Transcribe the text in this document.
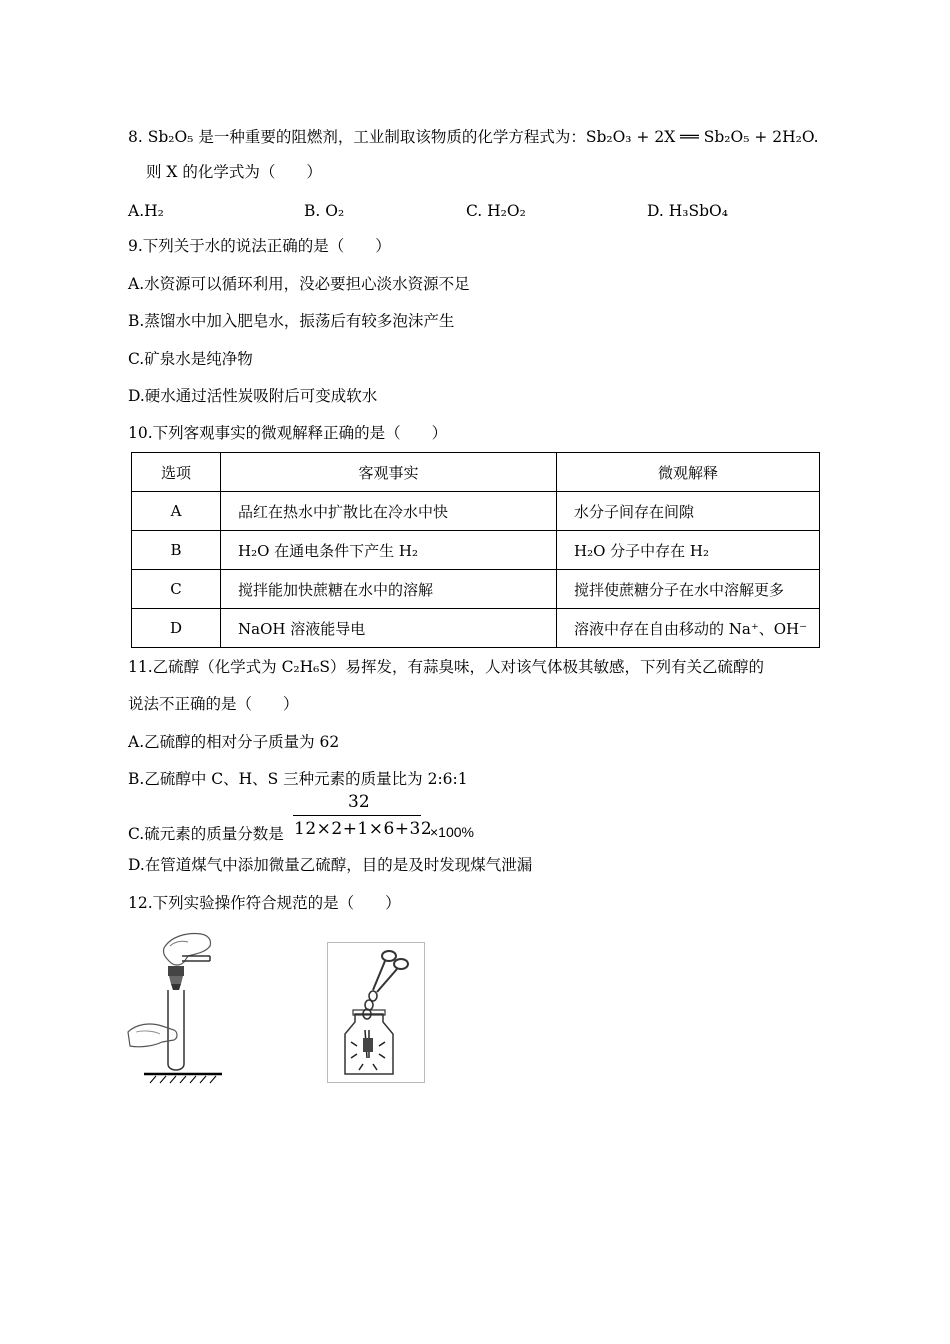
8. Sb₂O₅ 是一种重要的阻燃剂，工业制取该物质的化学方程式为：Sb₂O₃ + 2X ══ Sb₂O₅ + 2H₂O.
则 X 的化学式为（　　）
A.H₂	B. O₂	C. H₂O₂	D. H₃SbO₄
9.下列关于水的说法正确的是（　　）
A.水资源可以循环利用，没必要担心淡水资源不足
B.蒸馏水中加入肥皂水，振荡后有较多泡沫产生
C.矿泉水是纯净物
D.硬水通过活性炭吸附后可变成软水
10.下列客观事实的微观解释正确的是（　　）
选项	客观事实	微观解释
A	品红在热水中扩散比在冷水中快	水分子间存在间隙
B	H₂O 在通电条件下产生 H₂	H₂O 分子中存在 H₂
C	搅拌能加快蔗糖在水中的溶解	搅拌使蔗糖分子在水中溶解更多
D	NaOH 溶液能导电	溶液中存在自由移动的 Na⁺、OH⁻
11.乙硫醇（化学式为 C₂H₆S）易挥发，有蒜臭味，人对该气体极其敏感，下列有关乙硫醇的
说法不正确的是（　　）
A.乙硫醇的相对分子质量为 62
B.乙硫醇中 C、H、S 三种元素的质量比为 2:6:1
C.硫元素的质量分数是
32
12×2+1×6+32
×100%
D.在管道煤气中添加微量乙硫醇，目的是及时发现煤气泄漏
12.下列实验操作符合规范的是（　　）
